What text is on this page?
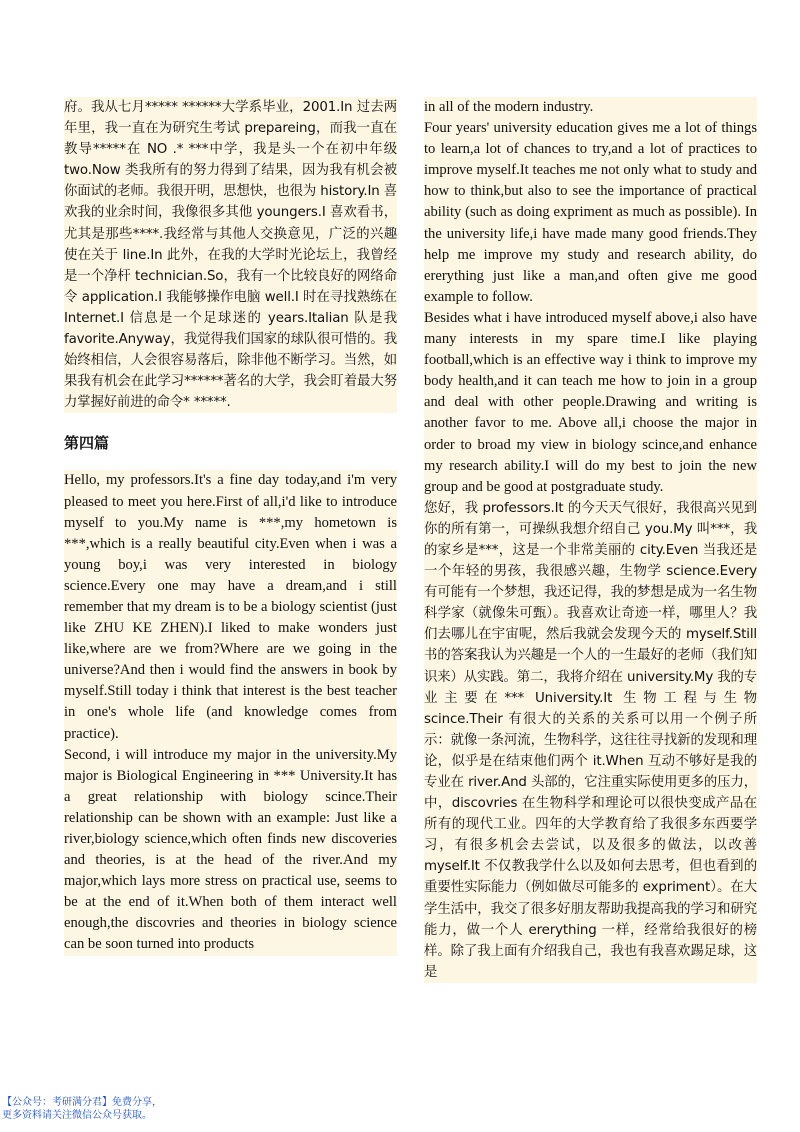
府。我从七月***** ******大学系毕业，2001.In 过去两年里，我一直在为研究生考试 prepareing，而我一直在教导*****在 NO .* ***中学，我是头一个在初中年级 two.Now 类我所有的努力得到了结果，因为我有机会被你面试的老师。我很开明，思想快，也很为 history.In 喜欢我的业余时间，我像很多其他 youngers.I 喜欢看书，尤其是那些****.我经常与其他人交换意见，广泛的兴趣使在关于 line.In 此外，在我的大学时光论坛上，我曾经是一个净杆 technician.So，我有一个比较良好的网络命令 application.I 我能够操作电脑 well.I 时在寻找熟练在 Internet.I 信息是一个足球迷的 years.Italian 队是我 favorite.Anyway，我觉得我们国家的球队很可惜的。我始终相信，人会很容易落后，除非他不断学习。当然，如果我有机会在此学习******著名的大学，我会盯着最大努力掌握好前进的命令* *****.

第四篇

Hello, my professors.It's a fine day today,and i'm very pleased to meet you here.First of all,i'd like to introduce myself to you.My name is ***,my hometown is ***,which is a really beautiful city.Even when i was a young boy,i was very interested in biology science.Every one may have a dream,and i still remember that my dream is to be a biology scientist (just like ZHU KE ZHEN).I liked to make wonders just like,where are we from?Where are we going in the universe?And then i would find the answers in book by myself.Still today i think that interest is the best teacher in one's whole life (and knowledge comes from practice).

Second, i will introduce my major in the university.My major is Biological Engineering in *** University.It has a great relationship with biology scince.Their relationship can be shown with an example: Just like a river,biology science,which often finds new discoveries and theories, is at the head of the river.And my major,which lays more stress on practical use, seems to be at the end of it.When both of them interact well enough,the discovries and theories in biology science can be soon turned into products

in all of the modern industry.

Four years' university education gives me a lot of things to learn,a lot of chances to try,and a lot of practices to improve myself.It teaches me not only what to study and how to think,but also to see the importance of practical ability (such as doing expriment as much as possible). In the university life,i have made many good friends.They help me improve my study and research ability, do ererything just like a man,and often give me good example to follow.

Besides what i have introduced myself above,i also have many interests in my spare time.I like playing football,which is an effective way i think to improve my body health,and it can teach me how to join in a group and deal with other people.Drawing and writing is another favor to me. Above all,i choose the major in order to broad my view in biology scince,and enhance my research ability.I will do my best to join the new group and be good at postgraduate study.

您好，我 professors.It 的今天天气很好，我很高兴见到你的所有第一，可操纵我想介绍自己 you.My 叫***，我的家乡是***，这是一个非常美丽的 city.Even 当我还是一个年轻的男孩，我很感兴趣，生物学 science.Every 有可能有一个梦想，我还记得，我的梦想是成为一名生物科学家（就像朱可甄）。我喜欢让奇迹一样，哪里人？我们去哪儿在宇宙呢，然后我就会发现今天的 myself.Still 书的答案我认为兴趣是一个人的一生最好的老师（我们知识来）从实践。第二，我将介绍在 university.My 我的专业主要在*** University.It 生物工程与生物 scince.Their 有很大的关系的关系可以用一个例子所示：就像一条河流，生物科学，这往往寻找新的发现和理论，似乎是在结束他们两个 it.When 互动不够好是我的专业在 river.And 头部的，它注重实际使用更多的压力，中，discovries 在生物科学和理论可以很快变成产品在所有的现代工业。四年的大学教育给了我很多东西要学习，有很多机会去尝试，以及很多的做法，以改善 myself.It 不仅教我学什么以及如何去思考，但也看到的重要性实际能力（例如做尽可能多的 expriment）。在大学生活中，我交了很多好朋友帮助我提高我的学习和研究能力，做一个人 ererything 一样，经常给我很好的榜样。除了我上面有介绍我自己，我也有我喜欢踢足球，这是

【公众号：考研满分君】免费分享，
更多资料请关注微信公众号获取。
